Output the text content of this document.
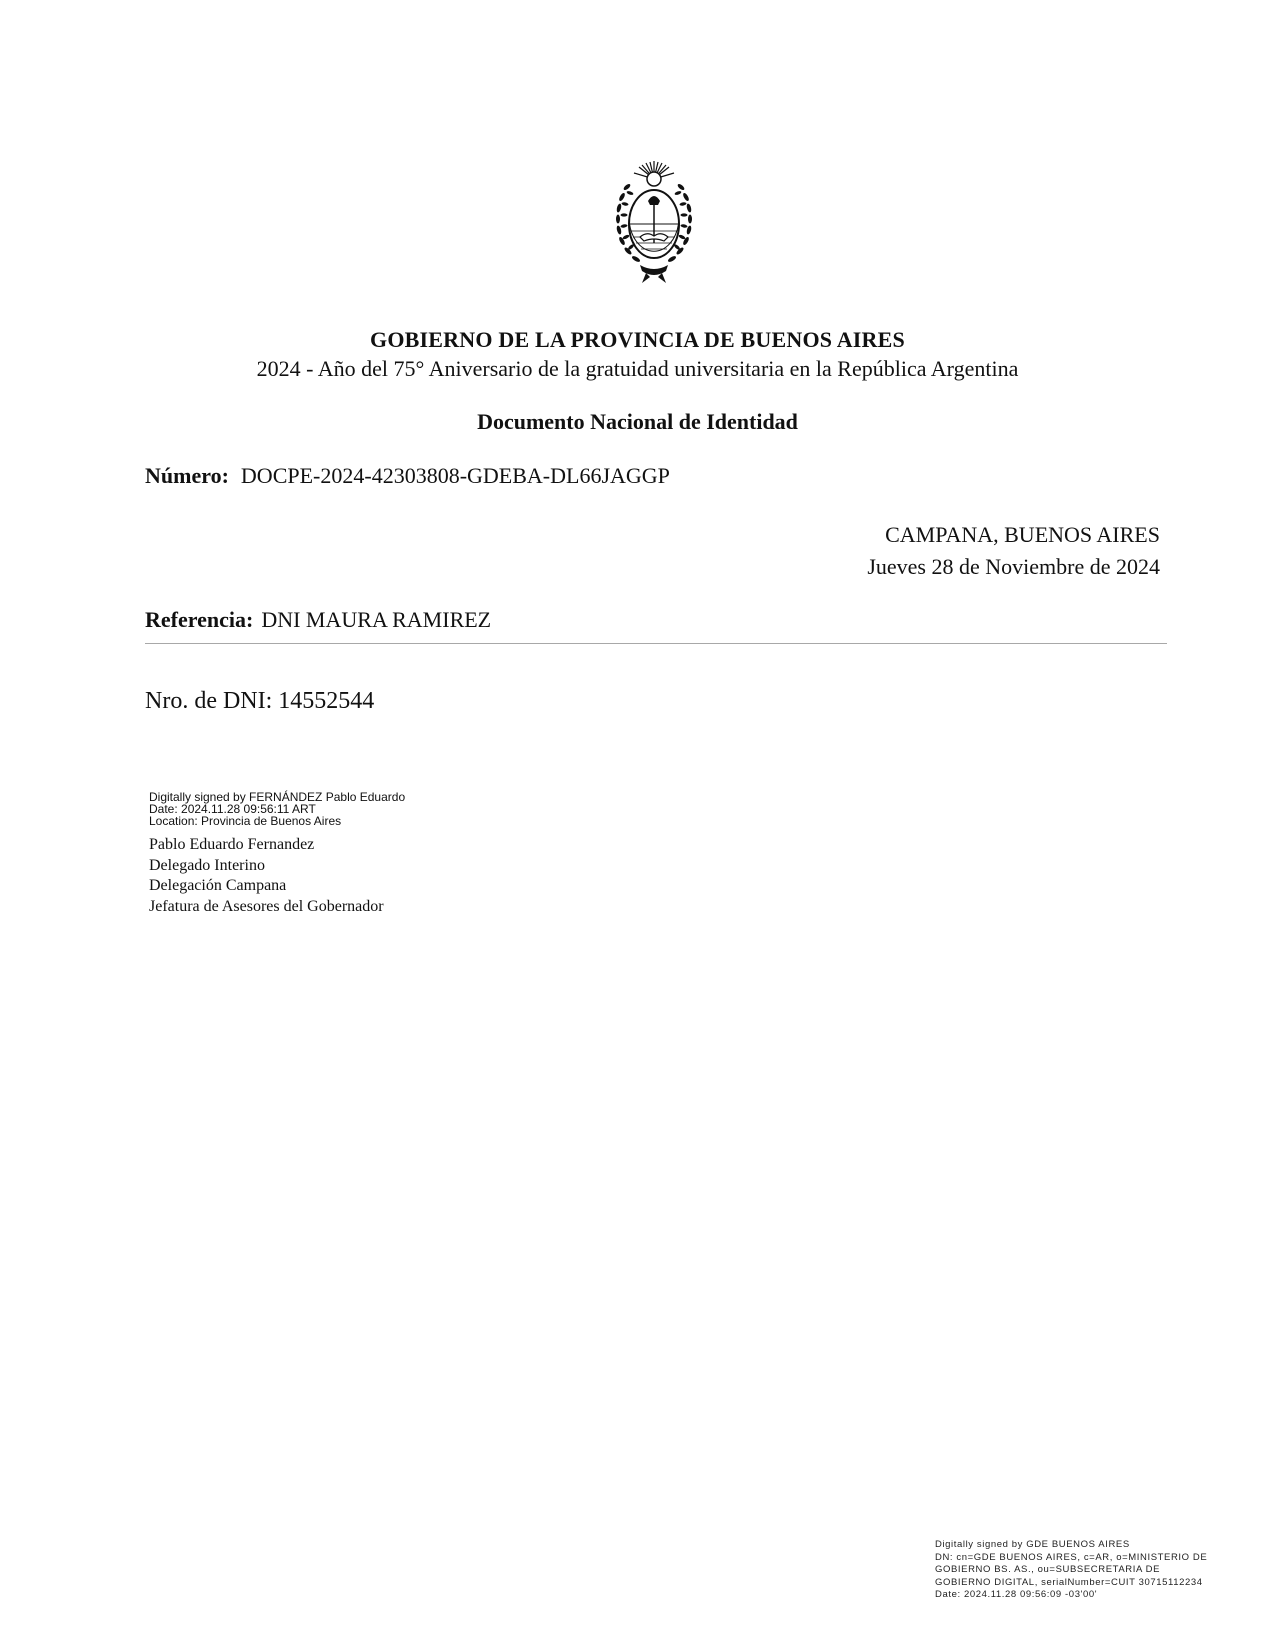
GOBIERNO DE LA PROVINCIA DE BUENOS AIRES
2024 - Año del 75° Aniversario de la gratuidad universitaria en la República Argentina
Documento Nacional de Identidad
Número: DOCPE-2024-42303808-GDEBA-DL66JAGGP
CAMPANA, BUENOS AIRES
Jueves 28 de Noviembre de 2024
Referencia: DNI MAURA RAMIREZ
Nro. de DNI: 14552544
Digitally signed by FERNÁNDEZ Pablo Eduardo
Date: 2024.11.28 09:56:11 ART
Location: Provincia de Buenos Aires
Pablo Eduardo Fernandez
Delegado Interino
Delegación Campana
Jefatura de Asesores del Gobernador
Digitally signed by GDE BUENOS AIRES
DN: cn=GDE BUENOS AIRES, c=AR, o=MINISTERIO DE
GOBIERNO BS. AS., ou=SUBSECRETARIA DE
GOBIERNO DIGITAL, serialNumber=CUIT 30715112234
Date: 2024.11.28 09:56:09 -03'00'
